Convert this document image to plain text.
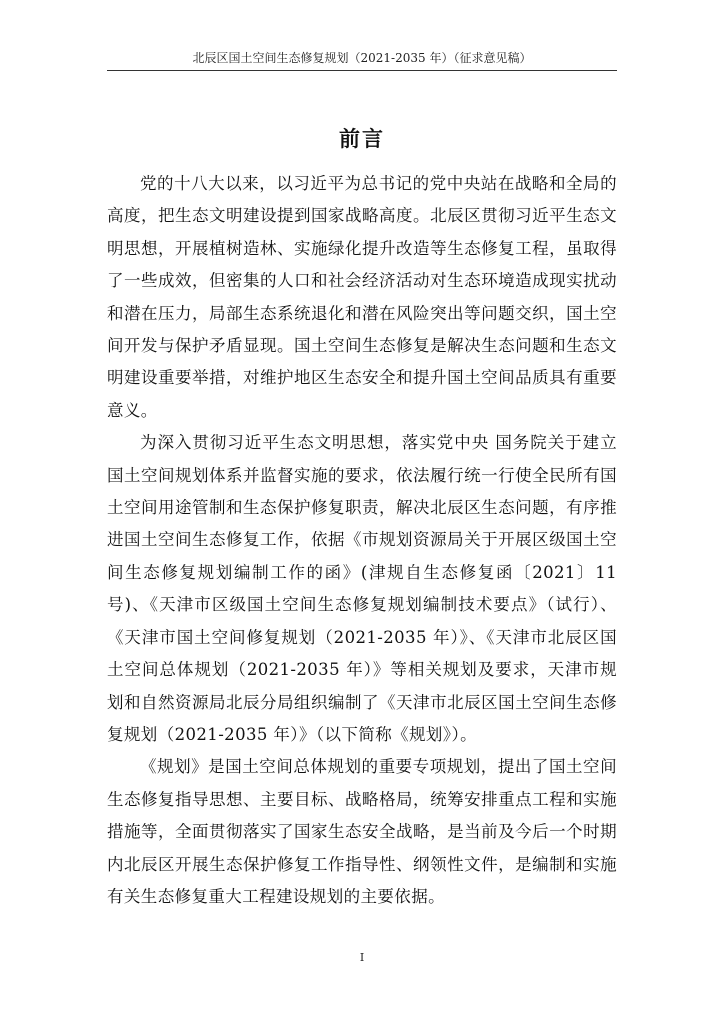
北辰区国土空间生态修复规划（2021-2035 年）（征求意见稿）
前言

党的十八大以来，以习近平为总书记的党中央站在战略和全局的高度，把生态文明建设提到国家战略高度。北辰区贯彻习近平生态文明思想，开展植树造林、实施绿化提升改造等生态修复工程，虽取得了一些成效，但密集的人口和社会经济活动对生态环境造成现实扰动和潜在压力，局部生态系统退化和潜在风险突出等问题交织，国土空间开发与保护矛盾显现。国土空间生态修复是解决生态问题和生态文明建设重要举措，对维护地区生态安全和提升国土空间品质具有重要意义。

为深入贯彻习近平生态文明思想，落实党中央 国务院关于建立国土空间规划体系并监督实施的要求，依法履行统一行使全民所有国土空间用途管制和生态保护修复职责，解决北辰区生态问题，有序推进国土空间生态修复工作，依据《市规划资源局关于开展区级国土空间生态修复规划编制工作的函》(津规自生态修复函〔2021〕11 号)、《天津市区级国土空间生态修复规划编制技术要点》（试行）、《天津市国土空间修复规划（2021-2035 年）》、《天津市北辰区国土空间总体规划（2021-2035 年）》等相关规划及要求，天津市规划和自然资源局北辰分局组织编制了《天津市北辰区国土空间生态修复规划（2021-2035 年）》（以下简称《规划》）。

《规划》是国土空间总体规划的重要专项规划，提出了国土空间生态修复指导思想、主要目标、战略格局，统筹安排重点工程和实施措施等，全面贯彻落实了国家生态安全战略，是当前及今后一个时期内北辰区开展生态保护修复工作指导性、纲领性文件，是编制和实施有关生态修复重大工程建设规划的主要依据。

I
